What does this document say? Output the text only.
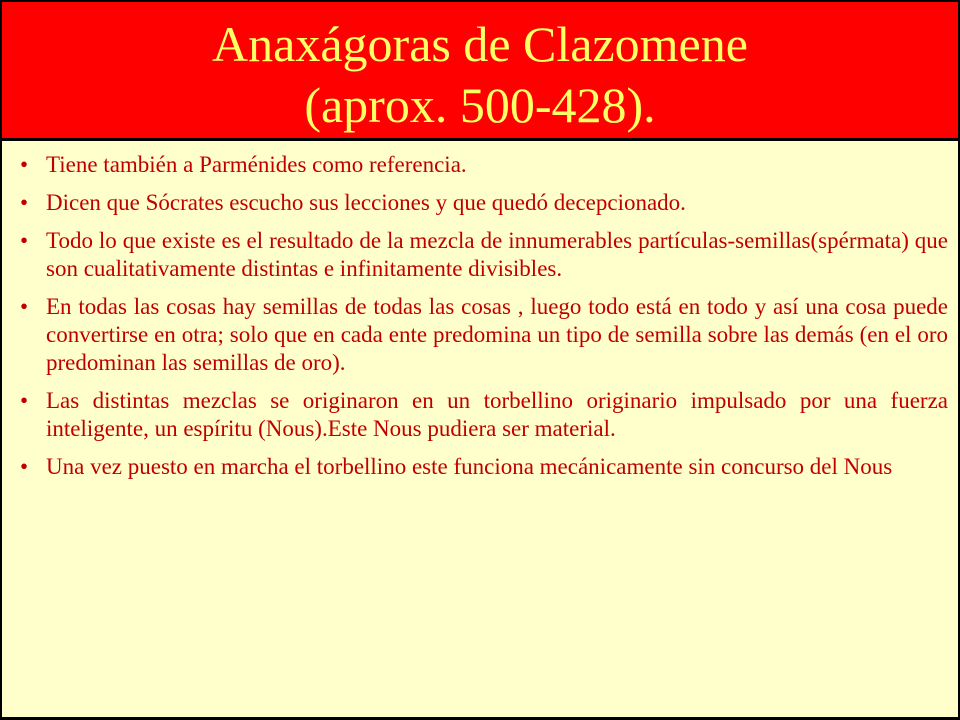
Anaxágoras de Clazomene
(aprox. 500-428).
• Tiene también a Parménides como referencia.
• Dicen que Sócrates escucho sus lecciones y que quedó decepcionado.
• Todo lo que existe es el resultado de la mezcla de innumerables partículas-semillas(spérmata) que son cualitativamente distintas e infinitamente divisibles.
• En todas las cosas hay semillas de todas las cosas , luego todo está en todo y así una cosa puede convertirse en otra; solo que en cada ente predomina un tipo de semilla sobre las demás (en el oro predominan las semillas de oro).
• Las distintas mezclas se originaron en un torbellino originario impulsado por una fuerza inteligente, un espíritu (Nous).Este Nous pudiera ser material.
• Una vez puesto en marcha el torbellino este funciona mecánicamente sin concurso del Nous
